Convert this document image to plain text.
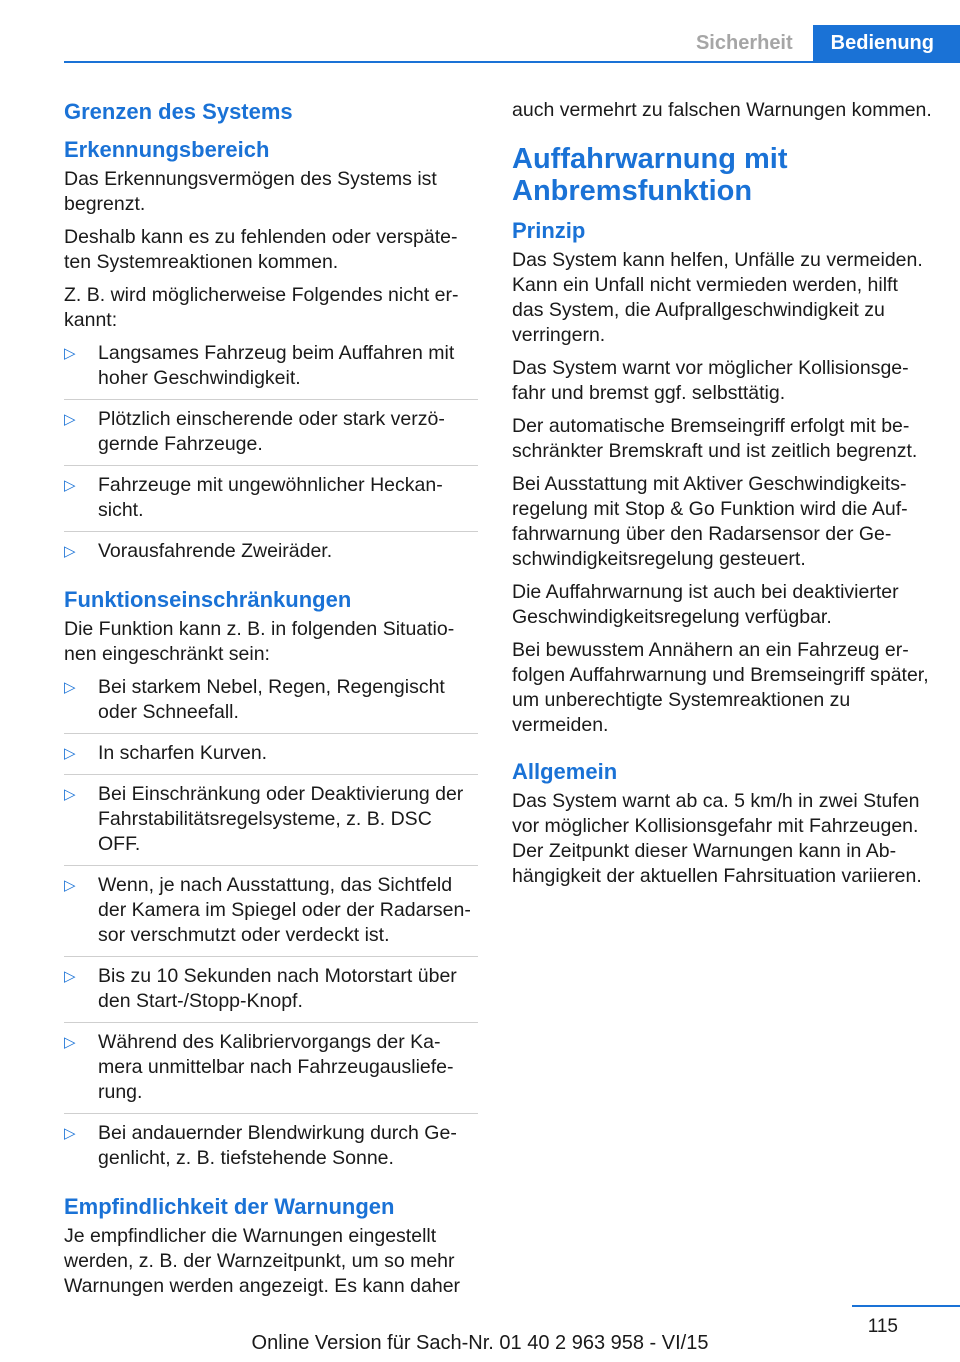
Sicherheit	Bedienung
Grenzen des Systems
Erkennungsbereich

Das Erkennungsvermögen des Systems ist begrenzt.

Deshalb kann es zu fehlenden oder verspäteten Systemreaktionen kommen.

Z. B. wird möglicherweise Folgendes nicht erkannt:

▷ Langsames Fahrzeug beim Auffahren mit hoher Geschwindigkeit.
▷ Plötzlich einscherende oder stark verzögernde Fahrzeuge.
▷ Fahrzeuge mit ungewöhnlicher Heckansicht.
▷ Vorausfahrende Zweiräder.
Funktionseinschränkungen

Die Funktion kann z. B. in folgenden Situationen eingeschränkt sein:

▷ Bei starkem Nebel, Regen, Regengischt oder Schneefall.
▷ In scharfen Kurven.
▷ Bei Einschränkung oder Deaktivierung der Fahrstabilitätsregelsysteme, z. B. DSC OFF.
▷ Wenn, je nach Ausstattung, das Sichtfeld der Kamera im Spiegel oder der Radarsensor verschmutzt oder verdeckt ist.
▷ Bis zu 10 Sekunden nach Motorstart über den Start-/Stopp-Knopf.
▷ Während des Kalibriervorgangs der Kamera unmittelbar nach Fahrzeugauslieferung.
▷ Bei andauernder Blendwirkung durch Gegenlicht, z. B. tiefstehende Sonne.
Empfindlichkeit der Warnungen

Je empfindlicher die Warnungen eingestellt werden, z. B. der Warnzeitpunkt, um so mehr Warnungen werden angezeigt. Es kann daher

auch vermehrt zu falschen Warnungen kommen.

Auffahrwarnung mit Anbremsfunktion
Prinzip

Das System kann helfen, Unfälle zu vermeiden. Kann ein Unfall nicht vermieden werden, hilft das System, die Aufprallgeschwindigkeit zu verringern.

Das System warnt vor möglicher Kollisionsgefahr und bremst ggf. selbsttätig.

Der automatische Bremseingriff erfolgt mit beschränkter Bremskraft und ist zeitlich begrenzt.

Bei Ausstattung mit Aktiver Geschwindigkeitsregelung mit Stop & Go Funktion wird die Auffahrwarnung über den Radarsensor der Geschwindigkeitsregelung gesteuert.

Die Auffahrwarnung ist auch bei deaktivierter Geschwindigkeitsregelung verfügbar.

Bei bewusstem Annähern an ein Fahrzeug erfolgen Auffahrwarnung und Bremseingriff später, um unberechtigte Systemreaktionen zu vermeiden.

Allgemein

Das System warnt ab ca. 5 km/h in zwei Stufen vor möglicher Kollisionsgefahr mit Fahrzeugen. Der Zeitpunkt dieser Warnungen kann in Abhängigkeit der aktuellen Fahrsituation variieren.

115
Online Version für Sach-Nr. 01 40 2 963 958 - VI/15
